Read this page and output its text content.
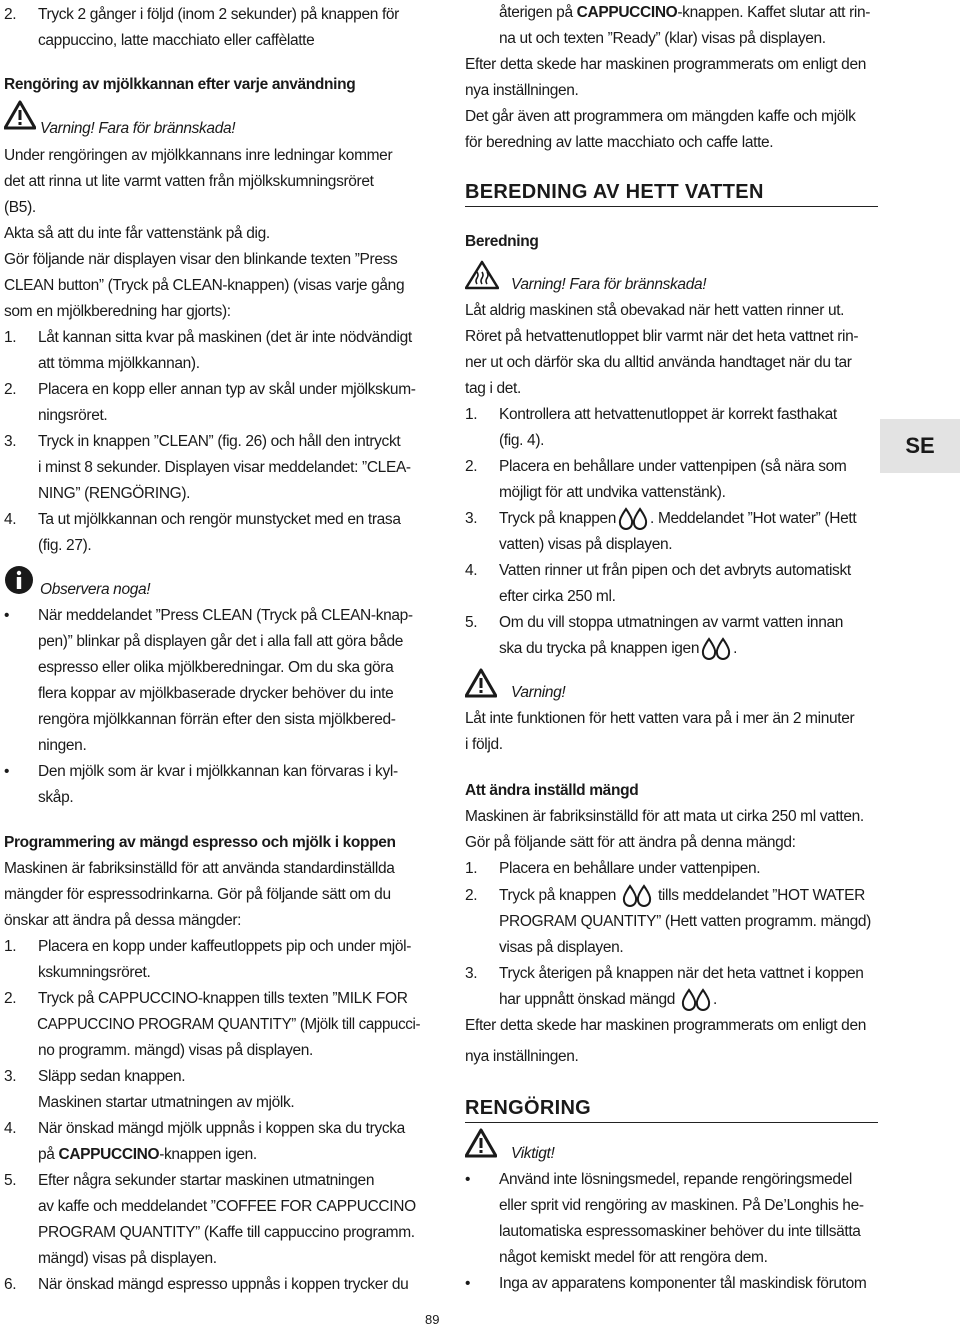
2. Tryck 2 gånger i följd (inom 2 sekunder) på knappen för
cappuccino, latte macchiato eller caffèlatte
Rengöring av mjölkkannan efter varje användning
Varning! Fara för brännskada!
Under rengöringen av mjölkkannans inre ledningar kommer
det att rinna ut lite varmt vatten från mjölkskumningsröret
(B5).
Akta så att du inte får vattenstänk på dig.
Gör följande när displayen visar den blinkande texten ”Press
CLEAN button” (Tryck på CLEAN-knappen) (visas varje gång
som en mjölkberedning har gjorts):
1. Låt kannan sitta kvar på maskinen (det är inte nödvändigt
att tömma mjölkkannan).
2. Placera en kopp eller annan typ av skål under mjölkskum-
ningsröret.
3. Tryck in knappen ”CLEAN” (fig. 26) och håll den intryckt
i minst 8 sekunder. Displayen visar meddelandet: ”CLEA-
NING” (RENGÖRING).
4. Ta ut mjölkkannan och rengör munstycket med en trasa
(fig. 27).
Observera noga!
• När meddelandet ”Press CLEAN (Tryck på CLEAN-knap-
pen)” blinkar på displayen går det i alla fall att göra både
espresso eller olika mjölkberedningar. Om du ska göra
flera koppar av mjölkbaserade drycker behöver du inte
rengöra mjölkkannan förrän efter den sista mjölkbered-
ningen.
• Den mjölk som är kvar i mjölkkannan kan förvaras i kyl-
skåp.
Programmering av mängd espresso och mjölk i koppen
Maskinen är fabriksinställd för att använda standardinställda
mängder för espressodrinkarna. Gör på följande sätt om du
önskar att ändra på dessa mängder:
1. Placera en kopp under kaffeutloppets pip och under mjöl-
kskumningsröret.
2. Tryck på CAPPUCCINO-knappen tills texten ”MILK FOR
CAPPUCCINO PROGRAM QUANTITY” (Mjölk till cappucci-
no programm. mängd) visas på displayen.
3. Släpp sedan knappen.
Maskinen startar utmatningen av mjölk.
4. När önskad mängd mjölk uppnås i koppen ska du trycka
på CAPPUCCINO-knappen igen.
5. Efter några sekunder startar maskinen utmatningen
av kaffe och meddelandet ”COFFEE FOR CAPPUCCINO
PROGRAM QUANTITY” (Kaffe till cappuccino programm.
mängd) visas på displayen.
6. När önskad mängd espresso uppnås i koppen trycker du
återigen på CAPPUCCINO-knappen. Kaffet slutar att rin-
na ut och texten ”Ready” (klar) visas på displayen.
Efter detta skede har maskinen programmerats om enligt den
nya inställningen.
Det går även att programmera om mängden kaffe och mjölk
för beredning av latte macchiato och caffe latte.
BEREDNING AV HETT VATTEN
Beredning
Varning! Fara för brännskada!
Låt aldrig maskinen stå obevakad när hett vatten rinner ut.
Röret på hetvattenutloppet blir varmt när det heta vattnet rin-
ner ut och därför ska du alltid använda handtaget när du tar
tag i det.
1. Kontrollera att hetvattenutloppet är korrekt fasthakat
(fig. 4).
2. Placera en behållare under vattenpipen (så nära som
möjligt för att undvika vattenstänk).
3. Tryck på knappen . Meddelandet ”Hot water” (Hett
vatten) visas på displayen.
4. Vatten rinner ut från pipen och det avbryts automatiskt
efter cirka 250 ml.
5. Om du vill stoppa utmatningen av varmt vatten innan
ska du trycka på knappen igen .
Varning!
Låt inte funktionen för hett vatten vara på i mer än 2 minuter
i följd.
Att ändra inställd mängd
Maskinen är fabriksinställd för att mata ut cirka 250 ml vatten.
Gör på följande sätt för att ändra på denna mängd:
1. Placera en behållare under vattenpipen.
2. Tryck på knappen	tills meddelandet ”HOT WATER
PROGRAM QUANTITY” (Hett vatten programm. mängd)
visas på displayen.
3. Tryck återigen på knappen när det heta vattnet i koppen
har uppnått önskad mängd .
Efter detta skede har maskinen programmerats om enligt den
nya inställningen.
RENGÖRING
Viktigt!
• Använd inte lösningsmedel, repande rengöringsmedel
eller sprit vid rengöring av maskinen. På De’Longhis he-
lautomatiska espressomaskiner behöver du inte tillsätta
något kemiskt medel för att rengöra dem.
• Inga av apparatens komponenter tål maskindisk förutom
SE
89
